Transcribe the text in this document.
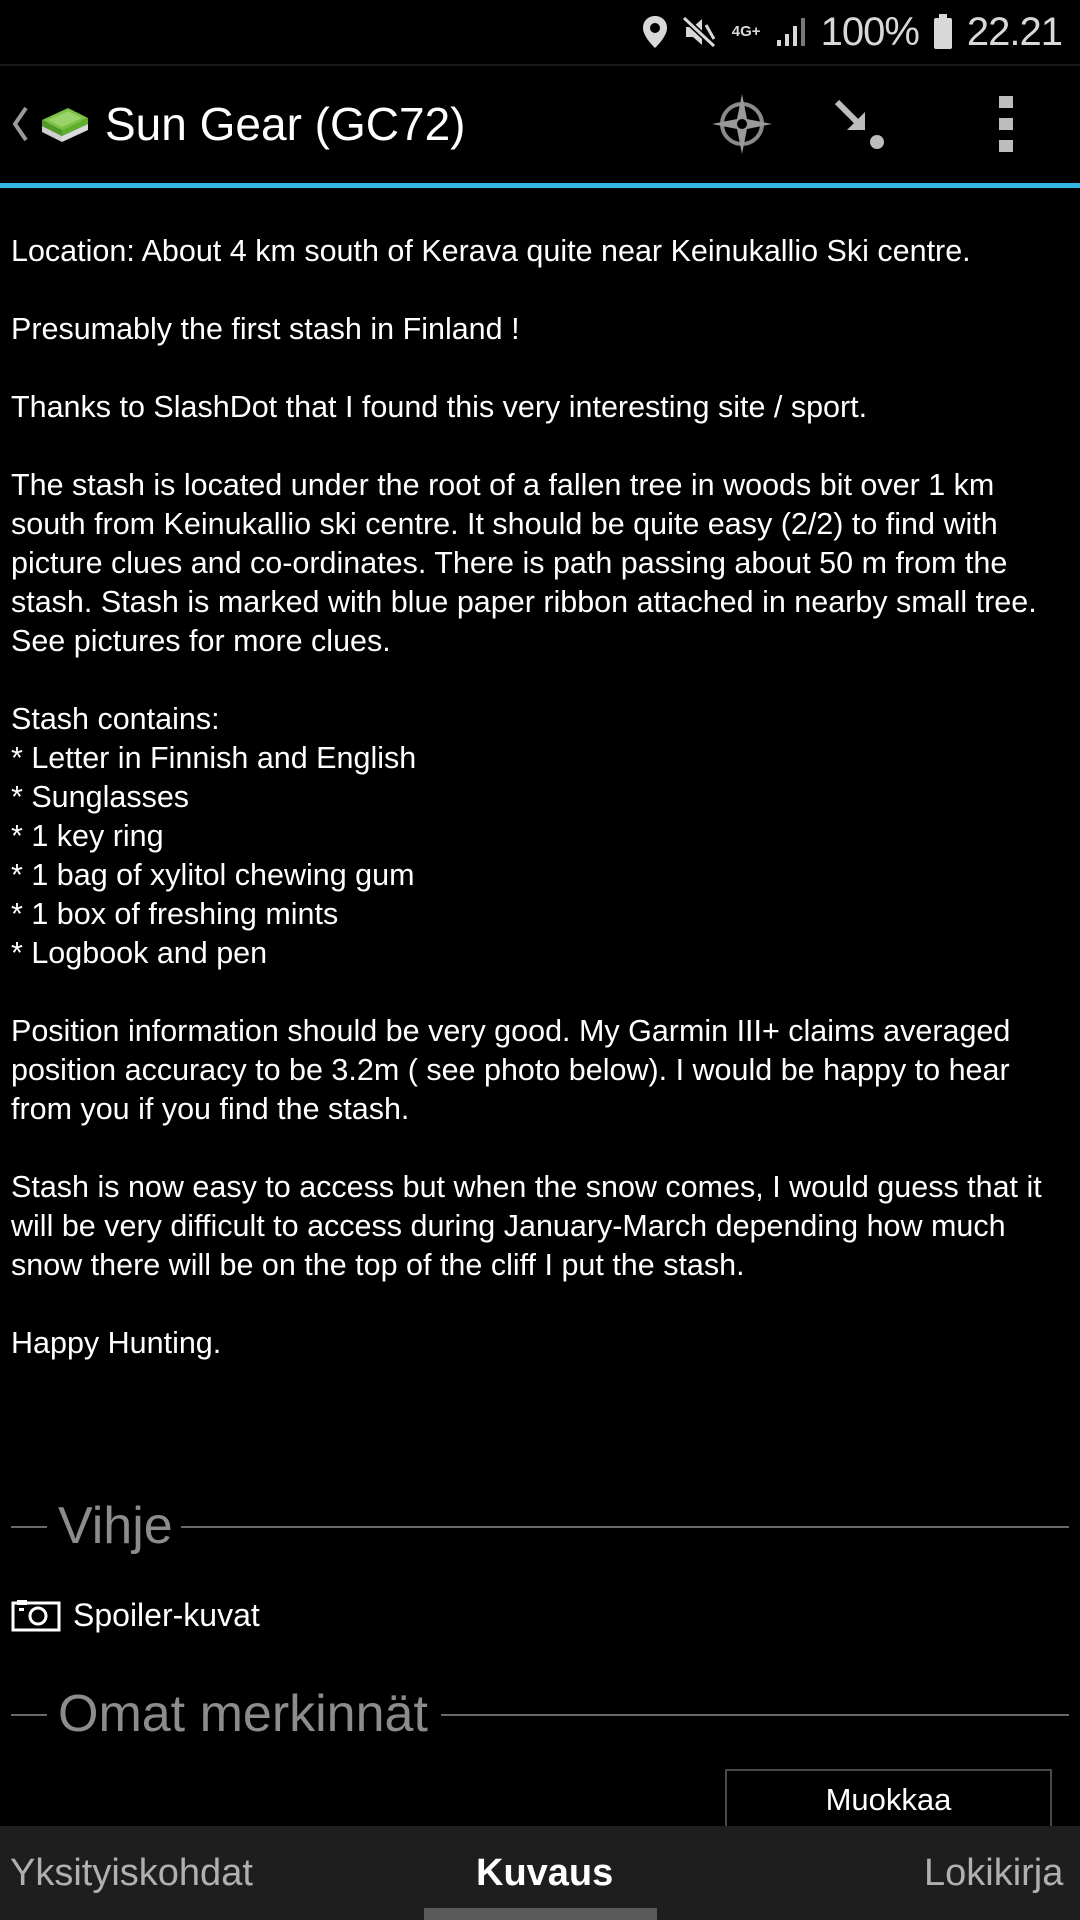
4G+ 100% 22.21
Sun Gear (GC72)

Location: About 4 km south of Kerava quite near Keinukallio Ski centre.

Presumably the first stash in Finland !

Thanks to SlashDot that I found this very interesting site / sport.

The stash is located under the root of a fallen tree in woods bit over 1 km south from Keinukallio ski centre. It should be quite easy (2/2) to find with picture clues and co-ordinates. There is path passing about 50 m from the stash. Stash is marked with blue paper ribbon attached in nearby small tree. See pictures for more clues.

Stash contains:

* Letter in Finnish and English

* Sunglasses

* 1 key ring

* 1 bag of xylitol chewing gum

* 1 box of freshing mints

* Logbook and pen

Position information should be very good. My Garmin III+ claims averaged position accuracy to be 3.2m ( see photo below). I would be happy to hear from you if you find the stash.

Stash is now easy to access but when the snow comes, I would guess that it will be very difficult to access during January-March depending how much snow there will be on the top of the cliff I put the stash.

Happy Hunting.

Vihje
Spoiler-kuvat
Omat merkinnät
Muokkaa
Yksityiskohdat	Kuvaus	Lokikirja
